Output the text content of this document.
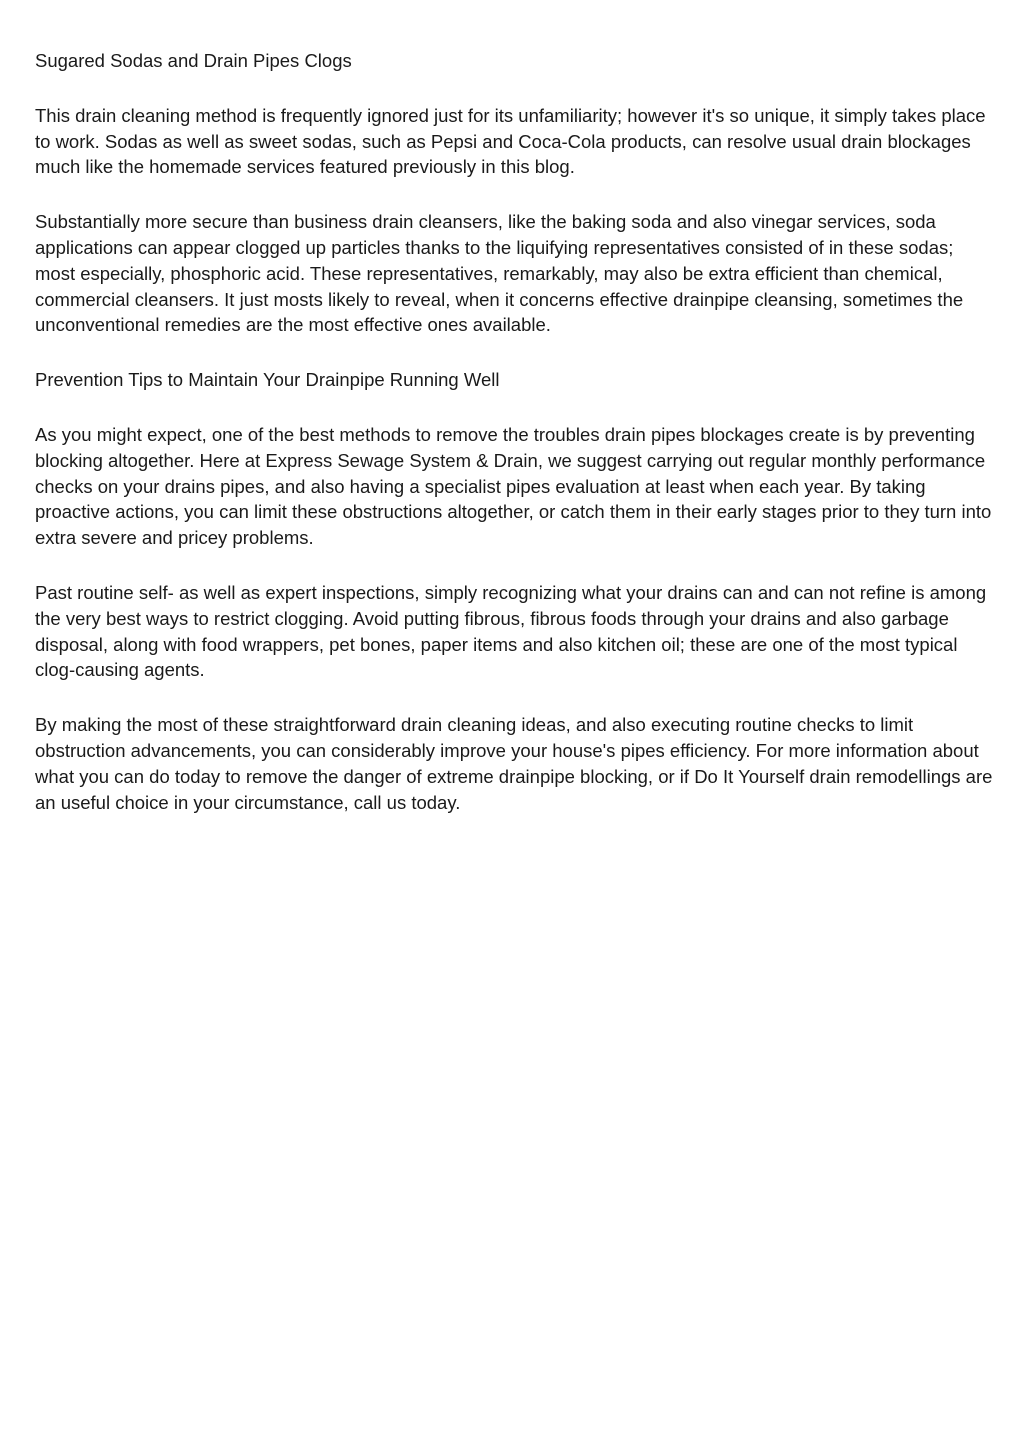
Sugared Sodas and Drain Pipes Clogs

This drain cleaning method is frequently ignored just for its unfamiliarity; however it's so unique, it simply takes place to work. Sodas as well as sweet sodas, such as Pepsi and Coca-Cola products, can resolve usual drain blockages much like the homemade services featured previously in this blog.

Substantially more secure than business drain cleansers, like the baking soda and also vinegar services, soda applications can appear clogged up particles thanks to the liquifying representatives consisted of in these sodas; most especially, phosphoric acid. These representatives, remarkably, may also be extra efficient than chemical, commercial cleansers. It just mosts likely to reveal, when it concerns effective drainpipe cleansing, sometimes the unconventional remedies are the most effective ones available.

Prevention Tips to Maintain Your Drainpipe Running Well

As you might expect, one of the best methods to remove the troubles drain pipes blockages create is by preventing blocking altogether. Here at Express Sewage System & Drain, we suggest carrying out regular monthly performance checks on your drains pipes, and also having a specialist pipes evaluation at least when each year. By taking proactive actions, you can limit these obstructions altogether, or catch them in their early stages prior to they turn into extra severe and pricey problems.

Past routine self- as well as expert inspections, simply recognizing what your drains can and can not refine is among the very best ways to restrict clogging. Avoid putting fibrous, fibrous foods through your drains and also garbage disposal, along with food wrappers, pet bones, paper items and also kitchen oil; these are one of the most typical clog-causing agents.

By making the most of these straightforward drain cleaning ideas, and also executing routine checks to limit obstruction advancements, you can considerably improve your house's pipes efficiency. For more information about what you can do today to remove the danger of extreme drainpipe blocking, or if Do It Yourself drain remodellings are an useful choice in your circumstance, call us today.
